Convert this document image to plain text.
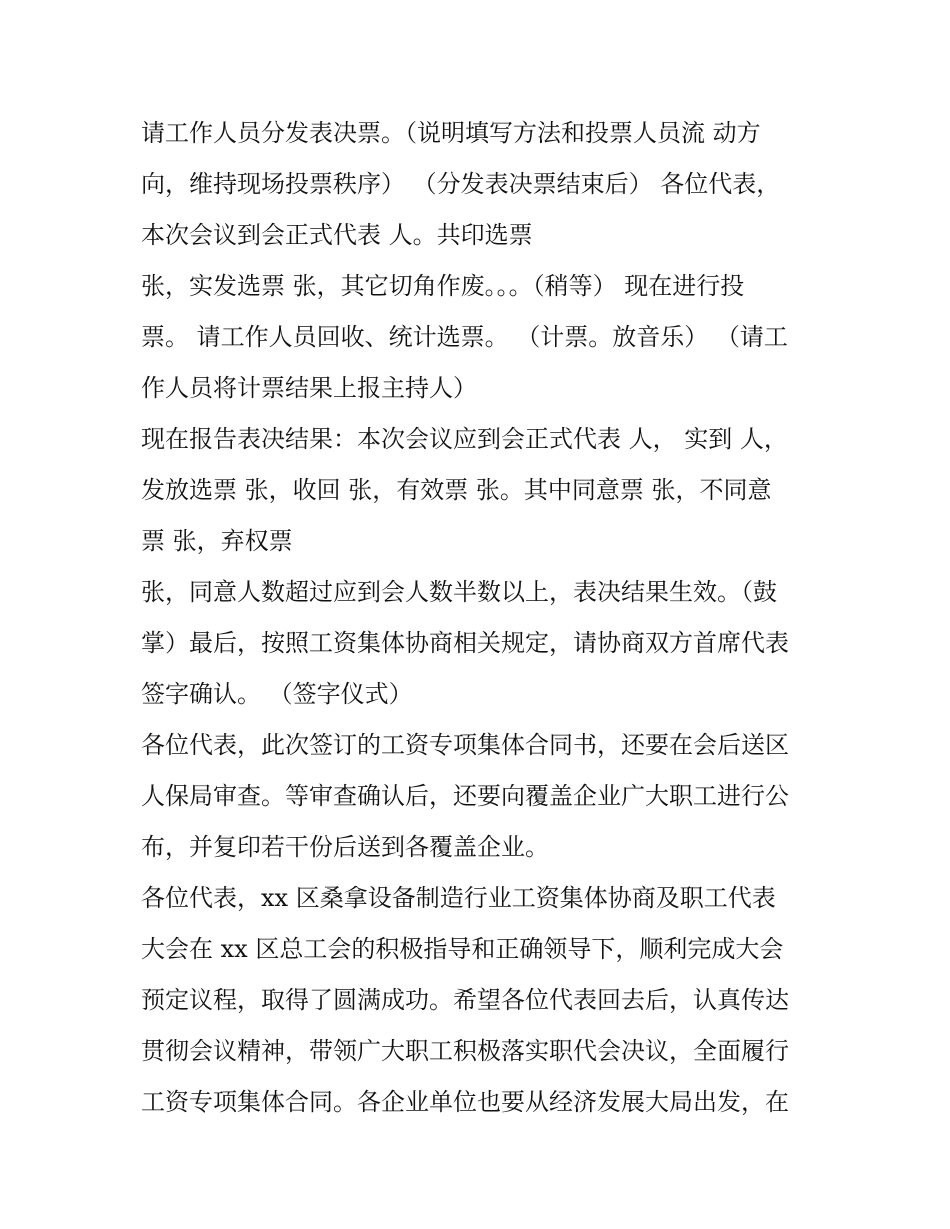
请工作人员分发表决票。（说明填写方法和投票人员流 动方
向，维持现场投票秩序） （分发表决票结束后） 各位代表，
本次会议到会正式代表 人。共印选票
张，实发选票 张，其它切角作废。。。（稍等） 现在进行投
票。 请工作人员回收、统计选票。 （计票。放音乐） （请工
作人员将计票结果上报主持人）
现在报告表决结果：本次会议应到会正式代表 人， 实到 人，
发放选票 张，收回 张，有效票 张。其中同意票 张，不同意
票 张，弃权票
张，同意人数超过应到会人数半数以上，表决结果生效。（鼓
掌）最后，按照工资集体协商相关规定，请协商双方首席代表
签字确认。 （签字仪式）
各位代表，此次签订的工资专项集体合同书，还要在会后送区
人保局审查。等审查确认后，还要向覆盖企业广大职工进行公
布，并复印若干份后送到各覆盖企业。
各位代表，xx 区桑拿设备制造行业工资集体协商及职工代表
大会在 xx 区总工会的积极指导和正确领导下，顺利完成大会
预定议程，取得了圆满成功。希望各位代表回去后，认真传达
贯彻会议精神，带领广大职工积极落实职代会决议，全面履行
工资专项集体合同。各企业单位也要从经济发展大局出发，在
